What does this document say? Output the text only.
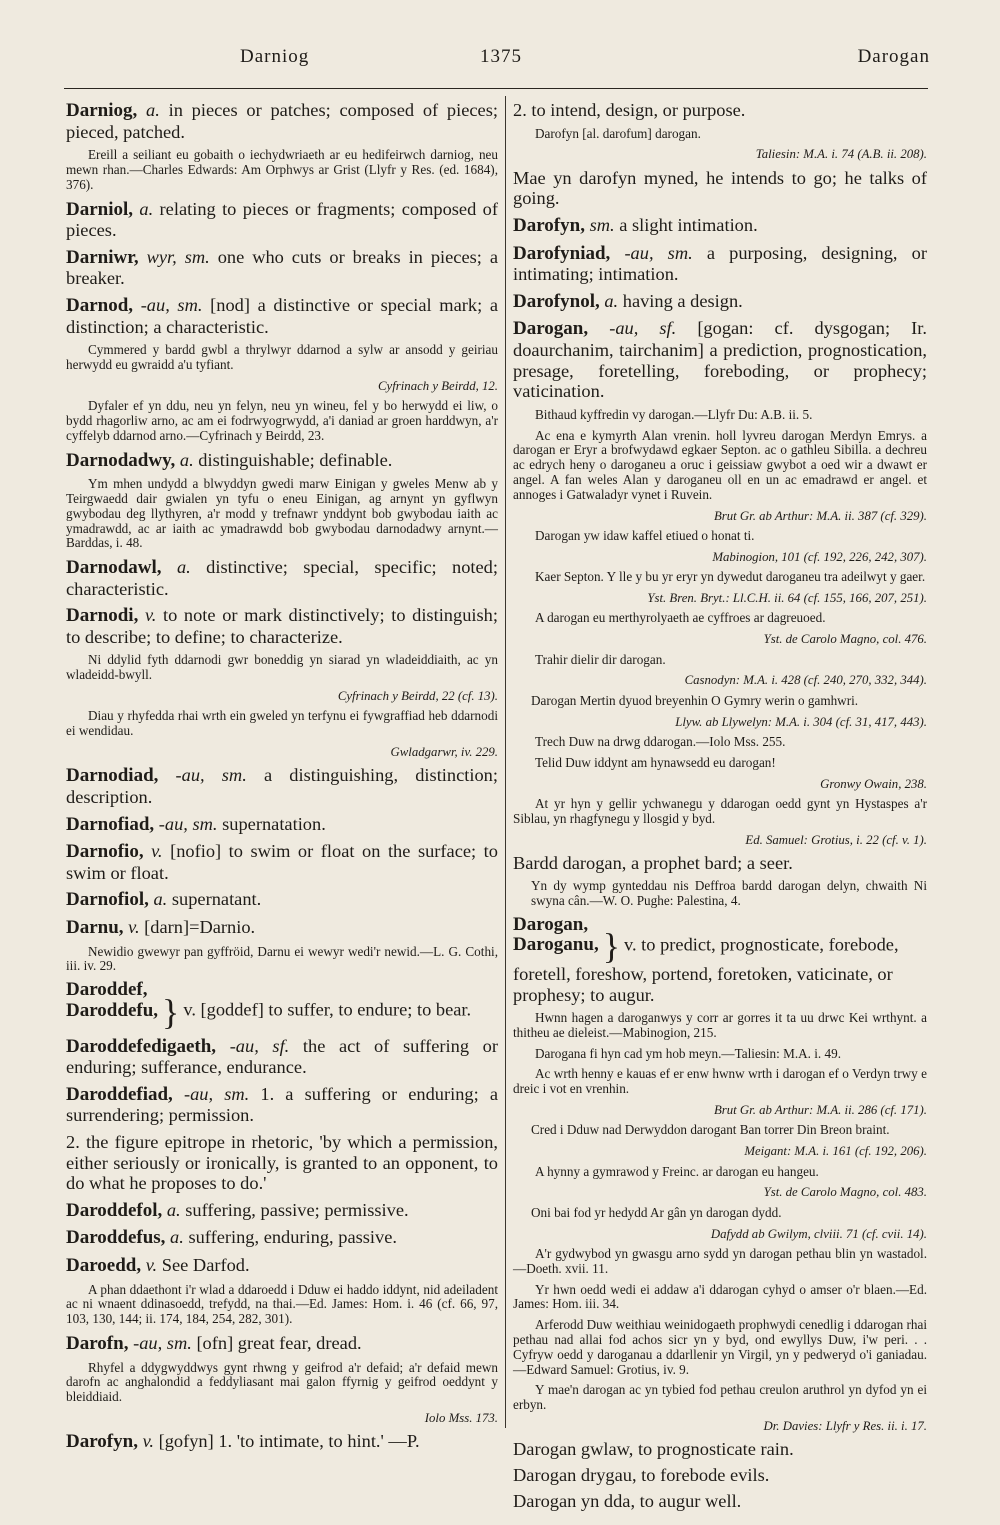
Darniog	1375	Darogan

Darniog, a. in pieces or patches; composed of pieces; pieced, patched.

Ereill a seiliant eu gobaith o iechydwriaeth ar eu hedifeirwch darniog, neu mewn rhan.—Charles Edwards: Am Orphwys ar Grist (Llyfr y Res. (ed. 1684), 376).

Darniol, a. relating to pieces or fragments; composed of pieces.

Darniwr, wyr, sm. one who cuts or breaks in pieces; a breaker.

Darnod, -au, sm. [nod] a distinctive or special mark; a distinction; a characteristic.

Cymmered y bardd gwbl a thrylwyr ddarnod a sylw ar ansodd y geiriau herwydd eu gwraidd a'u tyfiant.

Cyfrinach y Beirdd, 12.

Dyfaler ef yn ddu, neu yn felyn, neu yn wineu, fel y bo herwydd ei liw, o bydd rhagorliw arno, ac am ei fodrwyogrwydd, a'i daniad ar groen harddwyn, a'r cyffelyb ddarnod arno.—Cyfrinach y Beirdd, 23.

Darnodadwy, a. distinguishable; definable.

Ym mhen undydd a blwyddyn gwedi marw Einigan y gweles Menw ab y Teirgwaedd dair gwialen yn tyfu o eneu Einigan, ag arnynt yn gyflwyn gwybodau deg llythyren, a'r modd y trefnawr ynddynt bob gwybodau iaith ac ymadrawdd, ac ar iaith ac ymadrawdd bob gwybodau darnodadwy arnynt.—Barddas, i. 48.

Darnodawl, a. distinctive; special, specific; noted; characteristic.

Darnodi, v. to note or mark distinctively; to distinguish; to describe; to define; to characterize.

Ni ddylid fyth ddarnodi gwr boneddig yn siarad yn wladeiddiaith, ac yn wladeidd-bwyll.

Cyfrinach y Beirdd, 22 (cf. 13).

Diau y rhyfedda rhai wrth ein gweled yn terfynu ei fywgraffiad heb ddarnodi ei wendidau.

Gwladgarwr, iv. 229.

Darnodiad, -au, sm. a distinguishing, distinction; description.

Darnofiad, -au, sm. supernatation.

Darnofio, v. [nofio] to swim or float on the surface; to swim or float.

Darnofiol, a. supernatant.

Darnu, v. [darn]=Darnio.

Newidio gwewyr pan gyffröid, Darnu ei wewyr wedi'r newid.—L. G. Cothi, iii. iv. 29.

Daroddef,
Daroddefu, } v. [goddef] to suffer, to endure; to bear.

Daroddefedigaeth, -au, sf. the act of suffering or enduring; sufferance, endurance.

Daroddefiad, -au, sm. 1. a suffering or enduring; a surrendering; permission.

2. the figure epitrope in rhetoric, 'by which a permission, either seriously or ironically, is granted to an opponent, to do what he proposes to do.'

Daroddefol, a. suffering, passive; permissive.

Daroddefus, a. suffering, enduring, passive.

Daroedd, v. See Darfod.

A phan ddaethont i'r wlad a ddaroedd i Dduw ei haddo iddynt, nid adeiladent ac ni wnaent ddinasoedd, trefydd, na thai.—Ed. James: Hom. i. 46 (cf. 66, 97, 103, 130, 144; ii. 174, 184, 254, 282, 301).

Darofn, -au, sm. [ofn] great fear, dread.

Rhyfel a ddygwyddwys gynt rhwng y geifrod a'r defaid; a'r defaid mewn darofn ac anghalondid a feddyliasant mai galon ffyrnig y geifrod oeddynt y bleiddiaid.

Iolo Mss. 173.

Darofyn, v. [gofyn] 1. 'to intimate, to hint.' —P.

2. to intend, design, or purpose.

Darofyn [al. darofum] darogan.

Taliesin: M.A. i. 74 (A.B. ii. 208).

Mae yn darofyn myned, he intends to go; he talks of going.

Darofyn, sm. a slight intimation.

Darofyniad, -au, sm. a purposing, designing, or intimating; intimation.

Darofynol, a. having a design.

Darogan, -au, sf. [gogan: cf. dysgogan; Ir. doaurchanim, tairchanim] a prediction, prognostication, presage, foretelling, foreboding, or prophecy; vaticination.

Bithaud kyffredin vy darogan.—Llyfr Du: A.B. ii. 5.

Ac ena e kymyrth Alan vrenin. holl lyvreu darogan Merdyn Emrys. a darogan er Eryr a brofwydawd egkaer Septon. ac o gathleu Sibilla. a dechreu ac edrych heny o daroganeu a oruc i geissiaw gwybot a oed wir a dwawt er angel. A fan weles Alan y daroganeu oll en un ac emadrawd er angel. et annoges i Gatwaladyr vynet i Ruvein.

Brut Gr. ab Arthur: M.A. ii. 387 (cf. 329).

Darogan yw idaw kaffel etiued o honat ti.

Mabinogion, 101 (cf. 192, 226, 242, 307).

Kaer Septon. Y lle y bu yr eryr yn dywedut daroganeu tra adeilwyt y gaer.

Yst. Bren. Bryt.: Ll.C.H. ii. 64 (cf. 155, 166, 207, 251).

A darogan eu merthyrolyaeth ae cyffroes ar dagreuoed.

Yst. de Carolo Magno, col. 476.

Trahir dielir dir darogan.

Casnodyn: M.A. i. 428 (cf. 240, 270, 332, 344).

Darogan Mertin dyuod breyenhin O Gymry werin o gamhwri.

Llyw. ab Llywelyn: M.A. i. 304 (cf. 31, 417, 443).

Trech Duw na drwg ddarogan.—Iolo Mss. 255.

Telid Duw iddynt am hynawsedd eu darogan!

Gronwy Owain, 238.

At yr hyn y gellir ychwanegu y ddarogan oedd gynt yn Hystaspes a'r Siblau, yn rhagfynegu y llosgid y byd.

Ed. Samuel: Grotius, i. 22 (cf. v. 1).

Bardd darogan, a prophet bard; a seer.

Yn dy wymp gynteddau nis Deffroa bardd darogan delyn, chwaith Ni swyna cân.—W. O. Pughe: Palestina, 4.

Darogan,
Daroganu, } v. to predict, prognosticate, forebode, foretell, foreshow, portend, foretoken, vaticinate, or prophesy; to augur.

Hwnn hagen a daroganwys y corr ar gorres it ta uu drwc Kei wrthynt. a thitheu ae dieleist.—Mabinogion, 215.

Darogana fi hyn cad ym hob meyn.—Taliesin: M.A. i. 49.

Ac wrth henny e kauas ef er enw hwnw wrth i darogan ef o Verdyn trwy e dreic i vot en vrenhin.

Brut Gr. ab Arthur: M.A. ii. 286 (cf. 171).

Cred i Dduw nad Derwyddon darogant Ban torrer Din Breon braint.

Meigant: M.A. i. 161 (cf. 192, 206).

A hynny a gymrawod y Freinc. ar darogan eu hangeu.

Yst. de Carolo Magno, col. 483.

Oni bai fod yr hedydd Ar gân yn darogan dydd.

Dafydd ab Gwilym, clviii. 71 (cf. cvii. 14).

A'r gydwybod yn gwasgu arno sydd yn darogan pethau blin yn wastadol.—Doeth. xvii. 11.

Yr hwn oedd wedi ei addaw a'i ddarogan cyhyd o amser o'r blaen.—Ed. James: Hom. iii. 34.

Arferodd Duw weithiau weinidogaeth prophwydi cenedlig i ddarogan rhai pethau nad allai fod achos sicr yn y byd, ond ewyllys Duw, i'w peri. . . Cyfryw oedd y daroganau a ddarllenir yn Virgil, yn y pedweryd o'i ganiadau.—Edward Samuel: Grotius, iv. 9.

Y mae'n darogan ac yn tybied fod pethau creulon aruthrol yn dyfod yn ei erbyn.

Dr. Davies: Llyfr y Res. ii. i. 17.

Darogan gwlaw, to prognosticate rain.

Darogan drygau, to forebode evils.

Darogan yn dda, to augur well.
